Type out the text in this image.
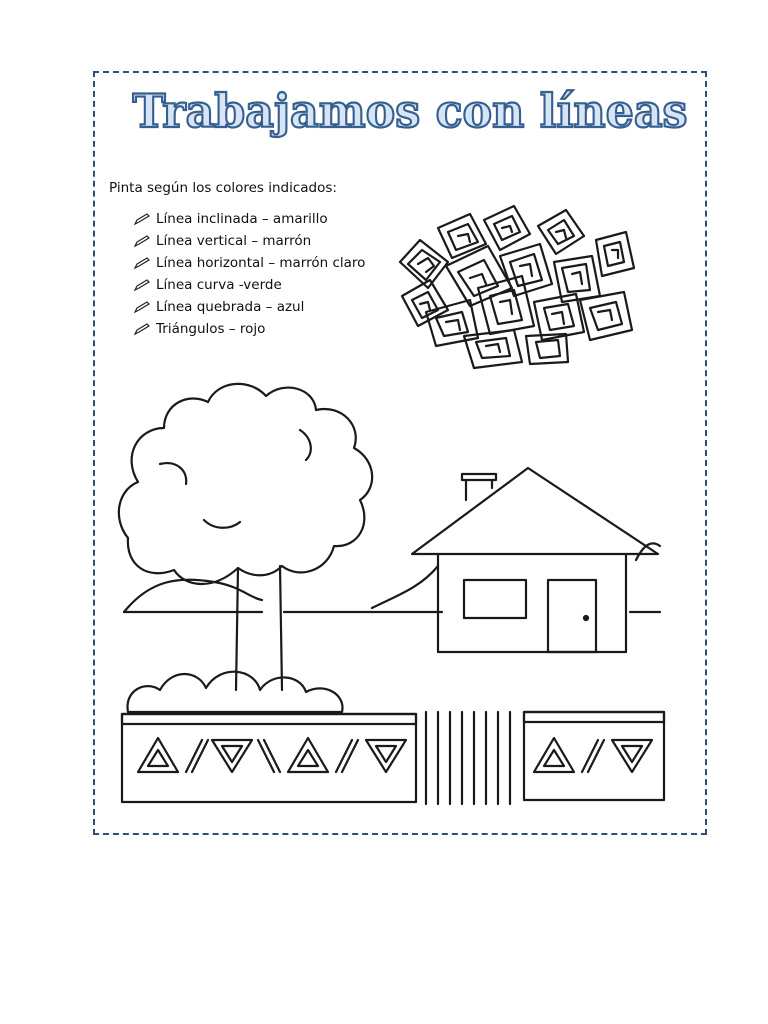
Trabajamos con líneas

Pinta según los colores indicados:

Línea inclinada – amarillo
Línea vertical – marrón
Línea horizontal – marrón claro
Línea curva -verde
Línea quebrada – azul
Triángulos – rojo
